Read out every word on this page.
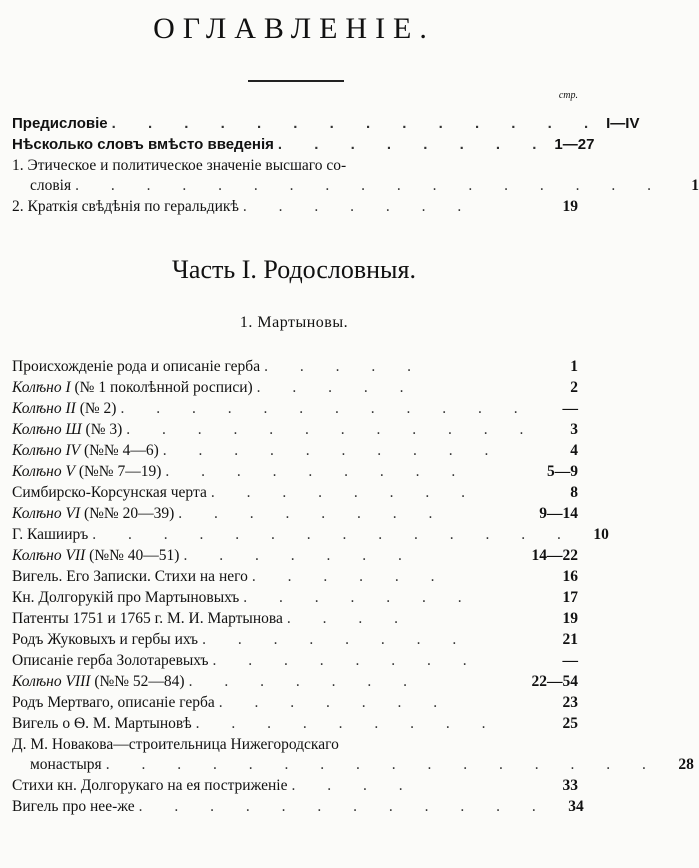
ОГЛАВЛЕНІЕ.
стр.
Предисловіе . . . . . . . . . . . . . . I—IV
Нѣсколько словъ вмѣсто введенія . . . . . . . . 1—27
1. Этическое и политическое значеніе высшаго со-
словія . . . . . . . . . . . . . . . . .	1
2. Краткія свѣдѣнія по геральдикѣ . . . . . . .	19
Часть I. Родословныя.
1. Мартыновы.
Происхожденіе рода и описаніе герба . . . . .	1
Колѣно I (№ 1 поколѣнной росписи) . . . . .	2
Колѣно II (№ 2) . . . . . . . . . . . .	—
Колѣно Ш (№ 3) . . . . . . . . . . . .	3
Колѣно IV (№№ 4—6) . . . . . . . . . .	4
Колѣно V (№№ 7—19) . . . . . . . . .	5—9
Симбирско-Корсунская черта . . . . . . . .	8
Колѣно VI (№№ 20—39) . . . . . . . .	9—14
Г. Кашииръ . . . . . . . . . . . . . .	10
Колѣно VII (№№ 40—51) . . . . . . .	14—22
Вигель. Его Записки. Стихи на него . . . . . .	16
Кн. Долгорукій про Мартыновыхъ . . . . . . .	17
Патенты 1751 и 1765 г. М. И. Мартынова . . . .	19
Родъ Жуковыхъ и гербы ихъ . . . . . . . .	21
Описаніе герба Золотаревыхъ . . . . . . . .	—
Колѣно VIII (№№ 52—84) . . . . . . .	22—54
Родъ Мертваго, описаніе герба . . . . . . .	23
Вигель о Ѳ. М. Мартыновѣ . . . . . . . . .	25
Д. М. Новакова—строительница Нижегородскаго
монастыря . . . . . . . . . . . . . . . .	28
Стихи кн. Долгорукаго на ея постриженіе . . . .	33
Вигель про нее-же . . . . . . . . . . . .	34
